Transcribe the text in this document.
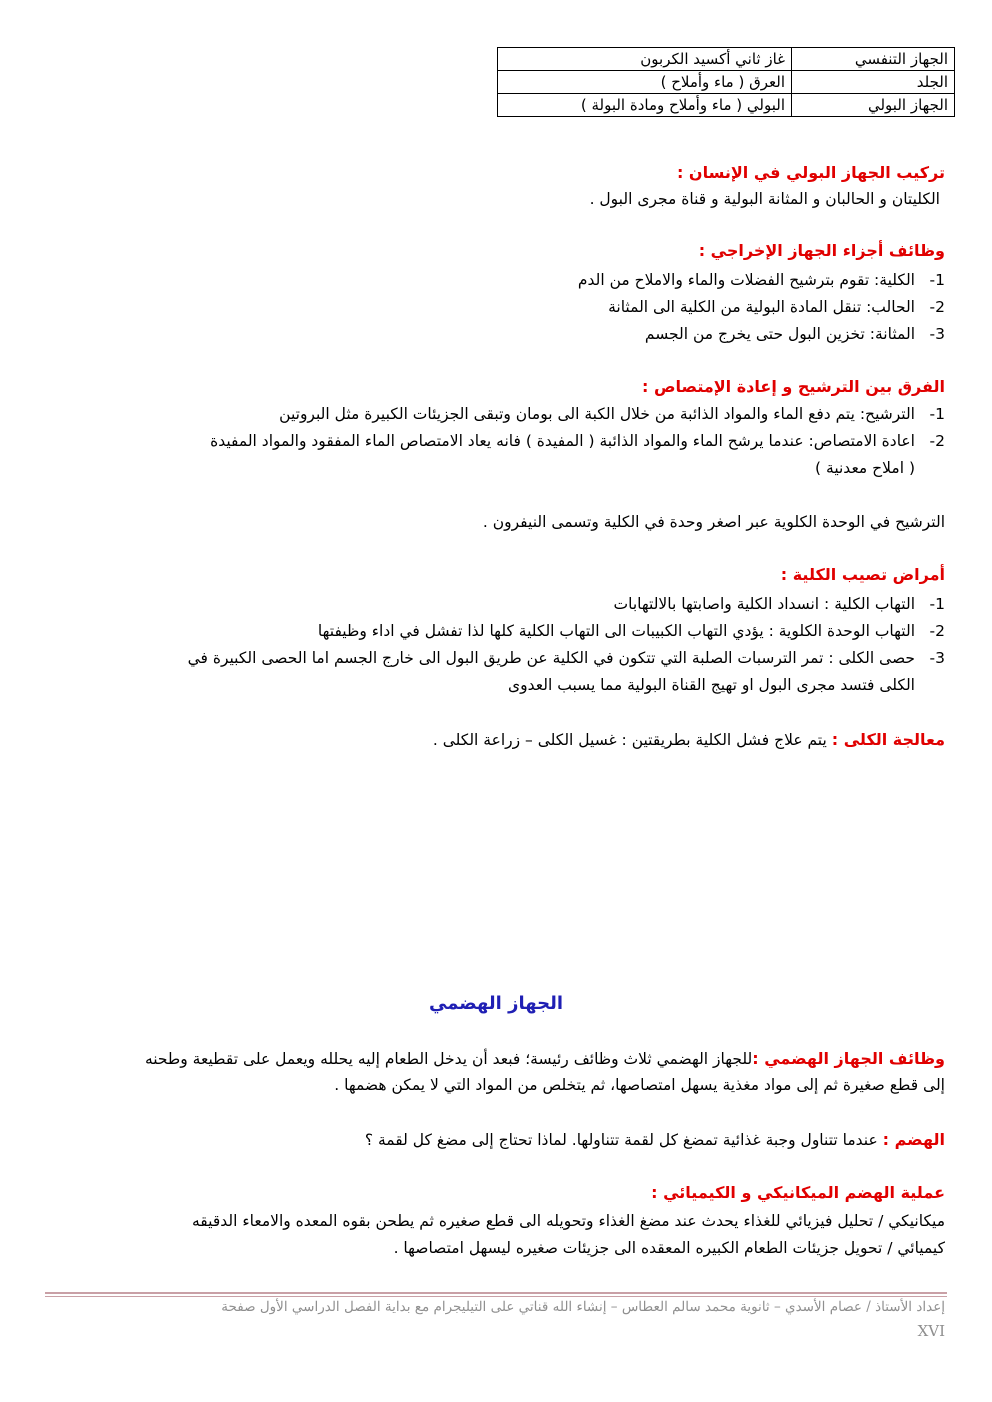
الجهاز التنفسي	غاز ثاني أكسيد الكربون
الجلد	العرق ( ماء وأملاح )
الجهاز البولي	البولي ( ماء وأملاح ومادة البولة )
تركيب الجهاز البولي في الإنسان :
الكليتان و الحالبان و المثانة البولية و قناة مجرى البول .
وظائف أجزاء الجهاز الإخراجي :
1-الكلية: تقوم بترشيح الفضلات والماء والاملاح من الدم
2-الحالب: تنقل المادة البولية من الكلية الى المثانة
3-المثانة: تخزين البول حتى يخرج من الجسم
الفرق بين الترشيح و إعادة الإمتصاص :
1-الترشيح: يتم دفع الماء والمواد الذائبة من خلال الكبة الى بومان وتبقى الجزيئات الكبيرة مثل البروتين
2-اعادة الامتصاص: عندما يرشح الماء والمواد الذائبة ( المفيدة ) فانه يعاد الامتصاص الماء المفقود والمواد المفيدة
( املاح معدنية )
الترشيح في الوحدة الكلوية عبر اصغر وحدة في الكلية وتسمى النيفرون .
أمراض تصيب الكلية :
1-التهاب الكلية : انسداد الكلية واصابتها بالالتهابات
2-التهاب الوحدة الكلوية : يؤدي التهاب الكبيبات الى التهاب الكلية كلها لذا تفشل في اداء وظيفتها
3-حصى الكلى : تمر الترسبات الصلبة التي تتكون في الكلية عن طريق البول الى خارج الجسم اما الحصى الكبيرة في
الكلى فتسد مجرى البول او تهيج القناة البولية مما يسبب العدوى
معالجة الكلى : يتم علاج فشل الكلية بطريقتين : غسيل الكلى – زراعة الكلى .
الجهاز الهضمي
وظائف الجهاز الهضمي :للجهاز الهضمي ثلاث وظائف رئيسة؛ فبعد أن يدخل الطعام إليه يحلله ويعمل على تقطيعة وطحنه
إلى قطع صغيرة ثم إلى مواد مغذية يسهل امتصاصها، ثم يتخلص من المواد التي لا يمكن هضمها .
الهضم : عندما تتناول وجبة غذائية تمضغ كل لقمة تتناولها. لماذا تحتاج إلى مضغ كل لقمة ؟
عملية الهضم الميكانيكي و الكيميائي :
ميكانيكي / تحليل فيزيائي للغذاء يحدث عند مضغ الغذاء وتحويله الى قطع صغيره ثم يطحن بقوه المعده والامعاء الدقيقه
كيميائي / تحويل جزيئات الطعام الكبيره المعقده الى جزيئات صغيره ليسهل امتصاصها .
إعداد الأستاذ / عصام الأسدي – ثانوية محمد سالم العطاس – إنشاء الله قناتي على التيليجرام مع بداية الفصل الدراسي الأول صفحة
XVI
